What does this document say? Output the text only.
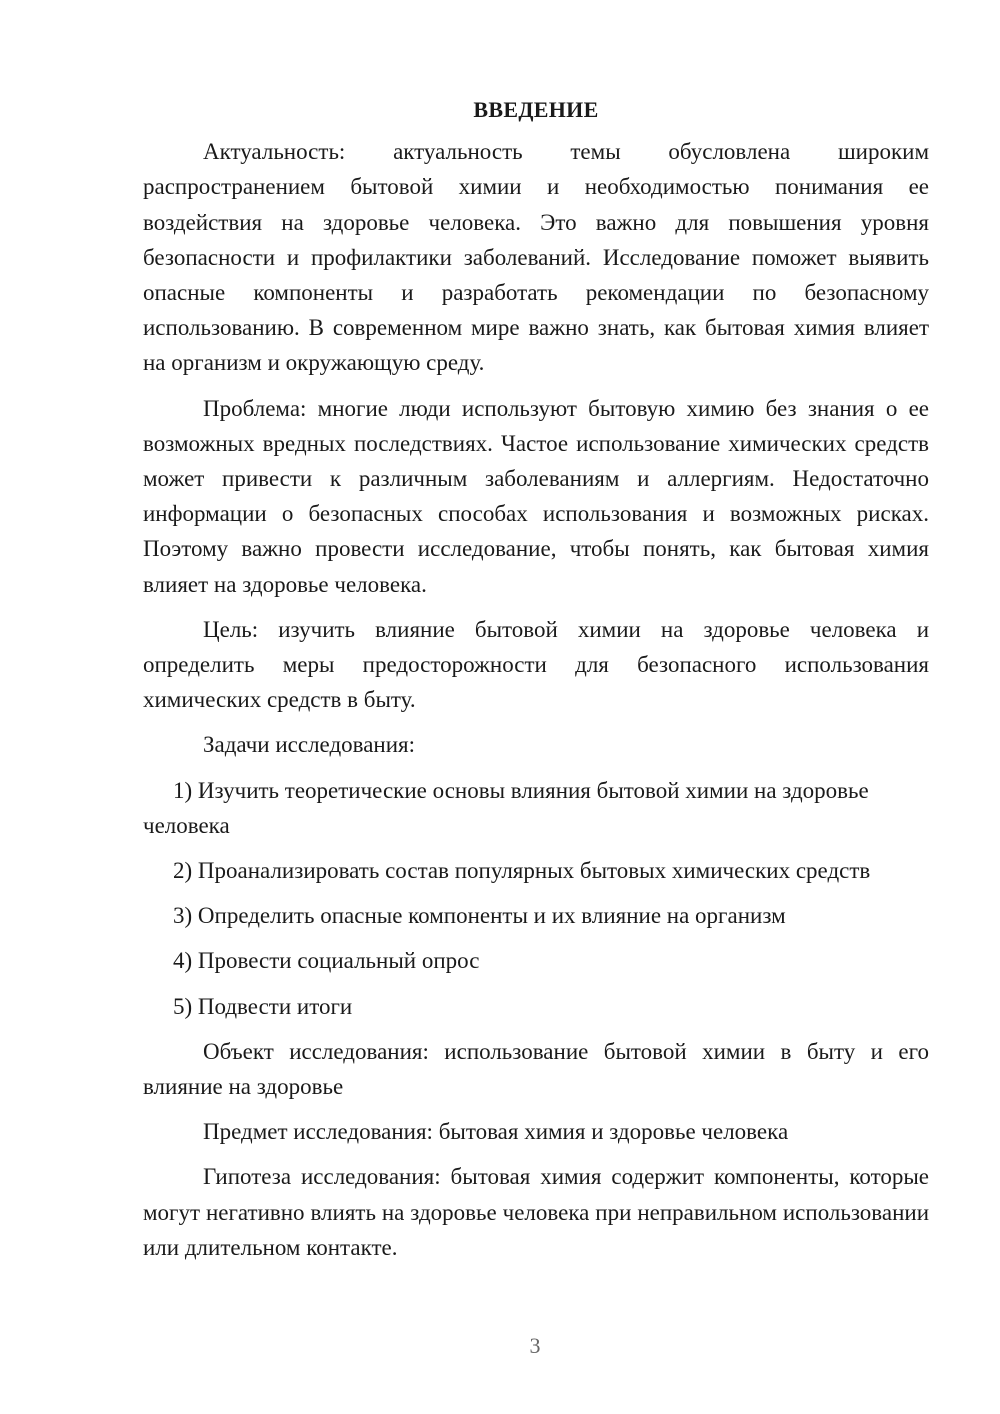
ВВЕДЕНИЕ

Актуальность: актуальность темы обусловлена широким распространением бытовой химии и необходимостью понимания ее воздействия на здоровье человека. Это важно для повышения уровня безопасности и профилактики заболеваний. Исследование поможет выявить опасные компоненты и разработать рекомендации по безопасному использованию. В современном мире важно знать, как бытовая химия влияет на организм и окружающую среду.

Проблема: многие люди используют бытовую химию без знания о ее возможных вредных последствиях. Частое использование химических средств может привести к различным заболеваниям и аллергиям. Недостаточно информации о безопасных способах использования и возможных рисках. Поэтому важно провести исследование, чтобы понять, как бытовая химия влияет на здоровье человека.

Цель: изучить влияние бытовой химии на здоровье человека и определить меры предосторожности для безопасного использования химических средств в быту.

Задачи исследования:

1) Изучить теоретические основы влияния бытовой химии на здоровье человека

2) Проанализировать состав популярных бытовых химических средств

3) Определить опасные компоненты и их влияние на организм

4) Провести социальный опрос

5) Подвести итоги

Объект исследования: использование бытовой химии в быту и его влияние на здоровье

Предмет исследования: бытовая химия и здоровье человека

Гипотеза исследования: бытовая химия содержит компоненты, которые могут негативно влиять на здоровье человека при неправильном использовании или длительном контакте.

3
